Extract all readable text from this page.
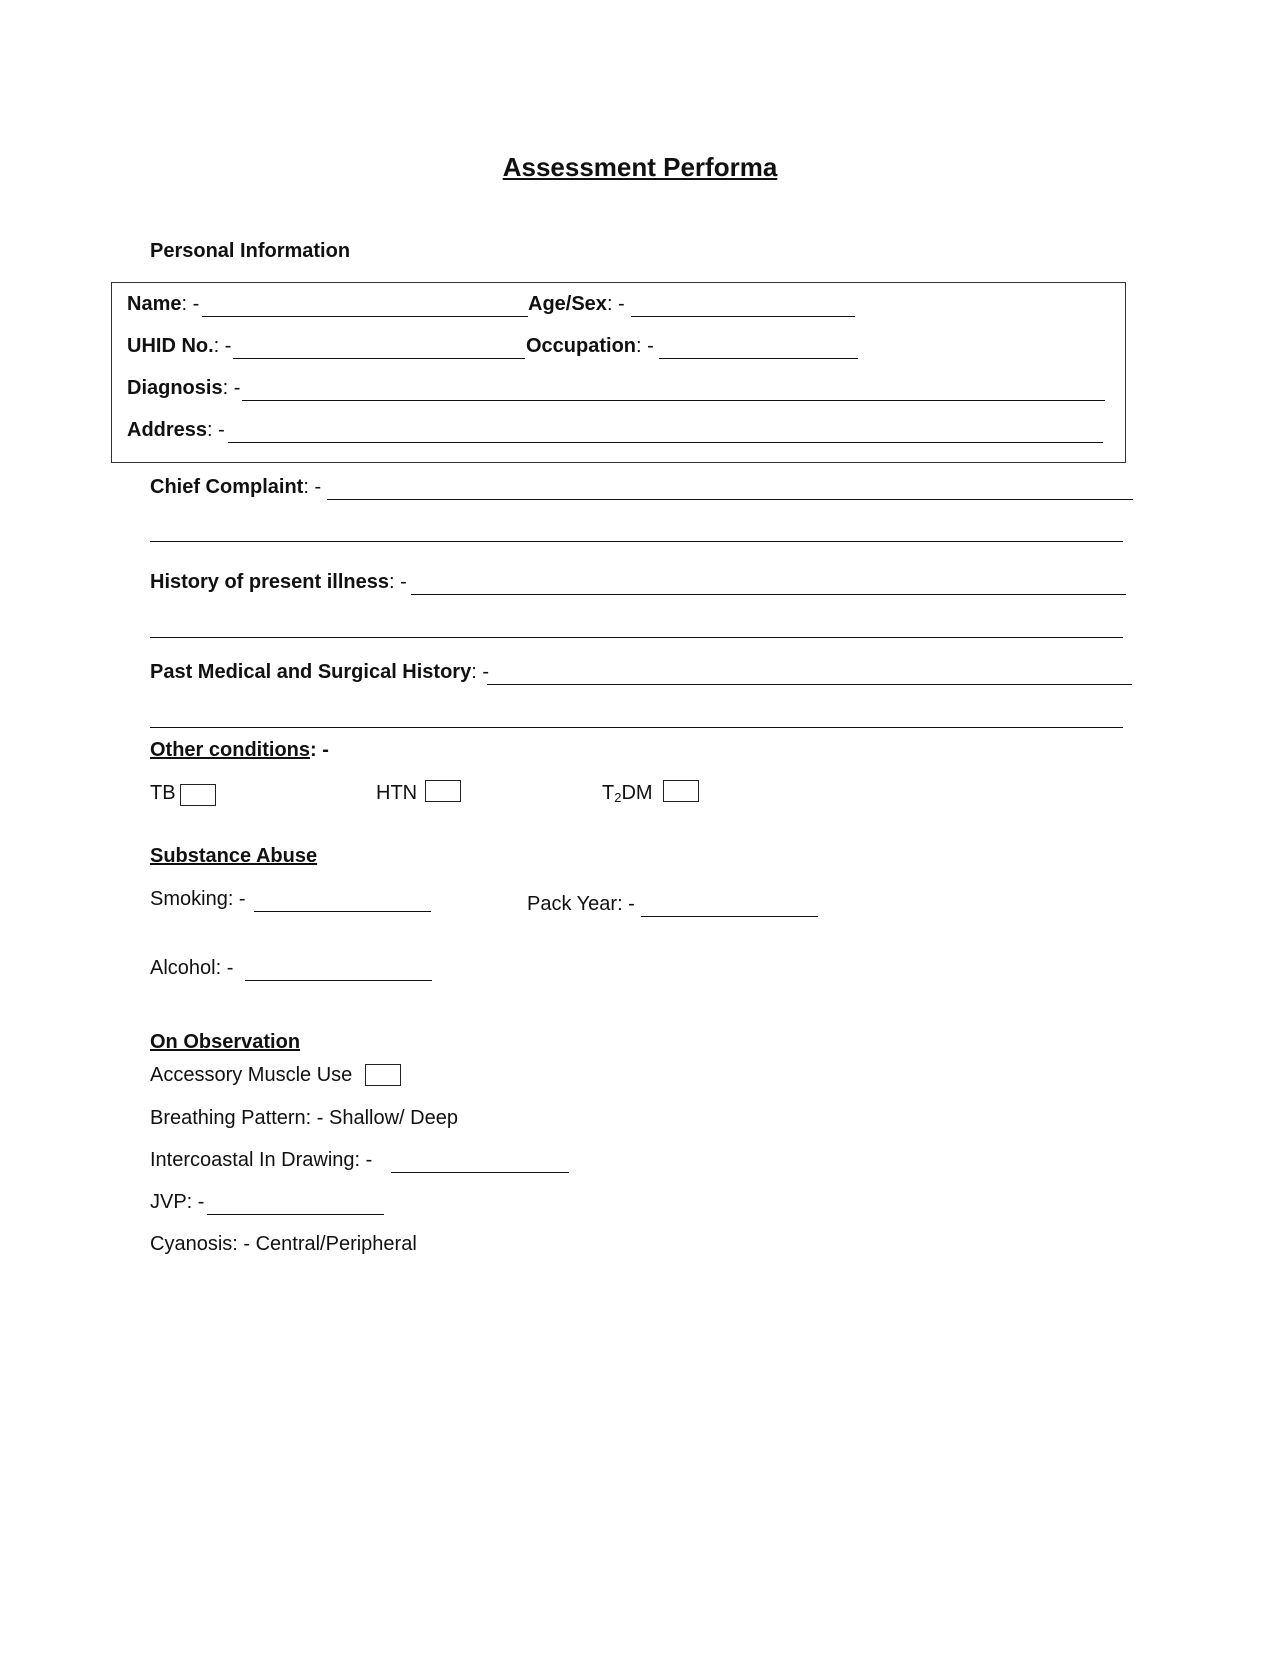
Assessment Performa
Personal Information
Name: -	Age/Sex: -
UHID No.: -	Occupation: -
Diagnosis: -
Address: -
Chief Complaint: -
History of present illness: -
Past Medical and Surgical History: -
Other conditions: -
TB	HTN	$T_2DM$
Substance Abuse
Smoking: -	Pack Year: -
Alcohol: -
On Observation
Accessory Muscle Use
Breathing Pattern: - Shallow/ Deep
Intercoastal In Drawing: -
JVP: -
Cyanosis: - Central/Peripheral
